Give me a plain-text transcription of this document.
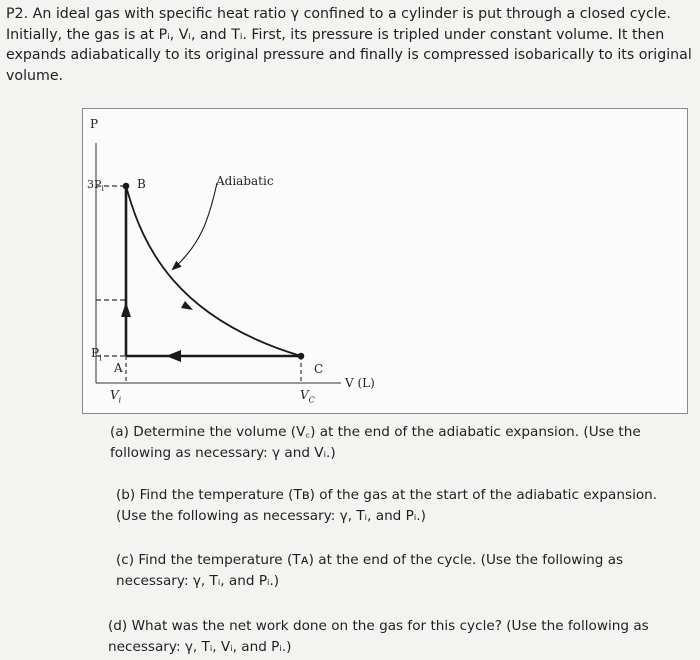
P2. An ideal gas with specific heat ratio γ confined to a cylinder is put through a closed cycle. Initially, the gas is at Pᵢ, Vᵢ, and Tᵢ. First, its pressure is tripled under constant volume. It then expands adiabatically to its original pressure and finally is compressed isobarically to its original volume.
P
$3P_i$	B	Adiabatic
$P_i$
A	C
V (L)
$V_i$	$V_C$
(a) Determine the volume (V꜀) at the end of the adiabatic expansion. (Use the following as necessary: γ and Vᵢ.)
(b) Find the temperature (Tʙ) of the gas at the start of the adiabatic expansion. (Use the following as necessary: γ, Tᵢ, and Pᵢ.)
(c) Find the temperature (Tᴀ) at the end of the cycle. (Use the following as necessary: γ, Tᵢ, and Pᵢ.)
(d) What was the net work done on the gas for this cycle? (Use the following as necessary: γ, Tᵢ, Vᵢ, and Pᵢ.)
